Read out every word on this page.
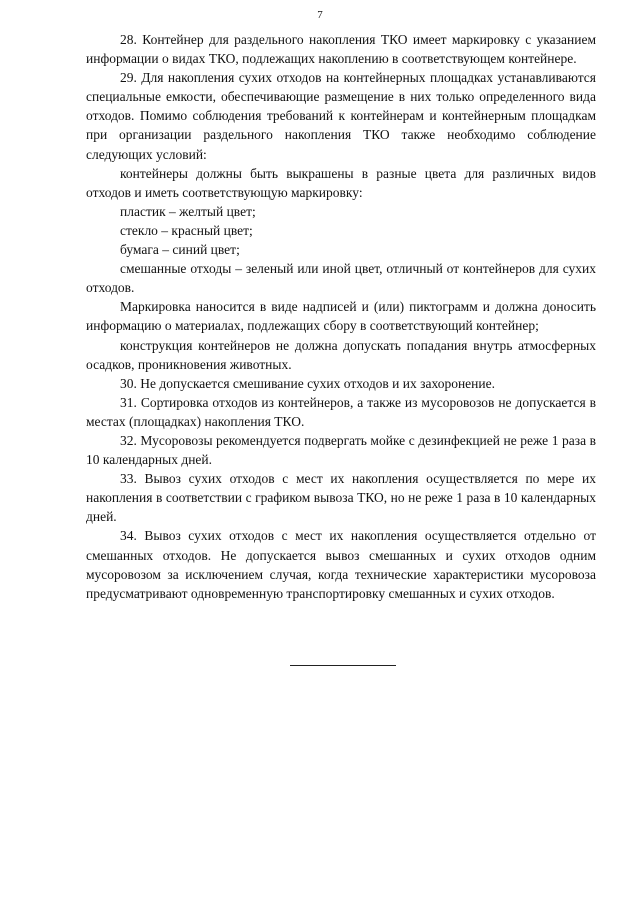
7

28. Контейнер для раздельного накопления ТКО имеет маркировку с указанием информации о видах ТКО, подлежащих накоплению в соответствующем контейнере.

29. Для накопления сухих отходов на контейнерных площадках устанавливаются специальные емкости, обеспечивающие размещение в них только определенного вида отходов. Помимо соблюдения требований к контейнерам и контейнерным площадкам при организации раздельного накопления ТКО также необходимо соблюдение следующих условий:

контейнеры должны быть выкрашены в разные цвета для различных видов отходов и иметь соответствующую маркировку:

пластик – желтый цвет;

стекло – красный цвет;

бумага – синий цвет;

смешанные отходы – зеленый или иной цвет, отличный от контейнеров для сухих отходов.

Маркировка наносится в виде надписей и (или) пиктограмм и должна доносить информацию о материалах, подлежащих сбору в соответствующий контейнер;

конструкция контейнеров не должна допускать попадания внутрь атмосферных осадков, проникновения животных.

30. Не допускается смешивание сухих отходов и их захоронение.

31. Сортировка отходов из контейнеров, а также из мусоровозов не допускается в местах (площадках) накопления ТКО.

32. Мусоровозы рекомендуется подвергать мойке с дезинфекцией не реже 1 раза в 10 календарных дней.

33. Вывоз сухих отходов с мест их накопления осуществляется по мере их накопления в соответствии с графиком вывоза ТКО, но не реже 1 раза в 10 календарных дней.

34. Вывоз сухих отходов с мест их накопления осуществляется отдельно от смешанных отходов. Не допускается вывоз смешанных и сухих отходов одним мусоровозом за исключением случая, когда технические характеристики мусоровоза предусматривают одновременную транспортировку смешанных и сухих отходов.
